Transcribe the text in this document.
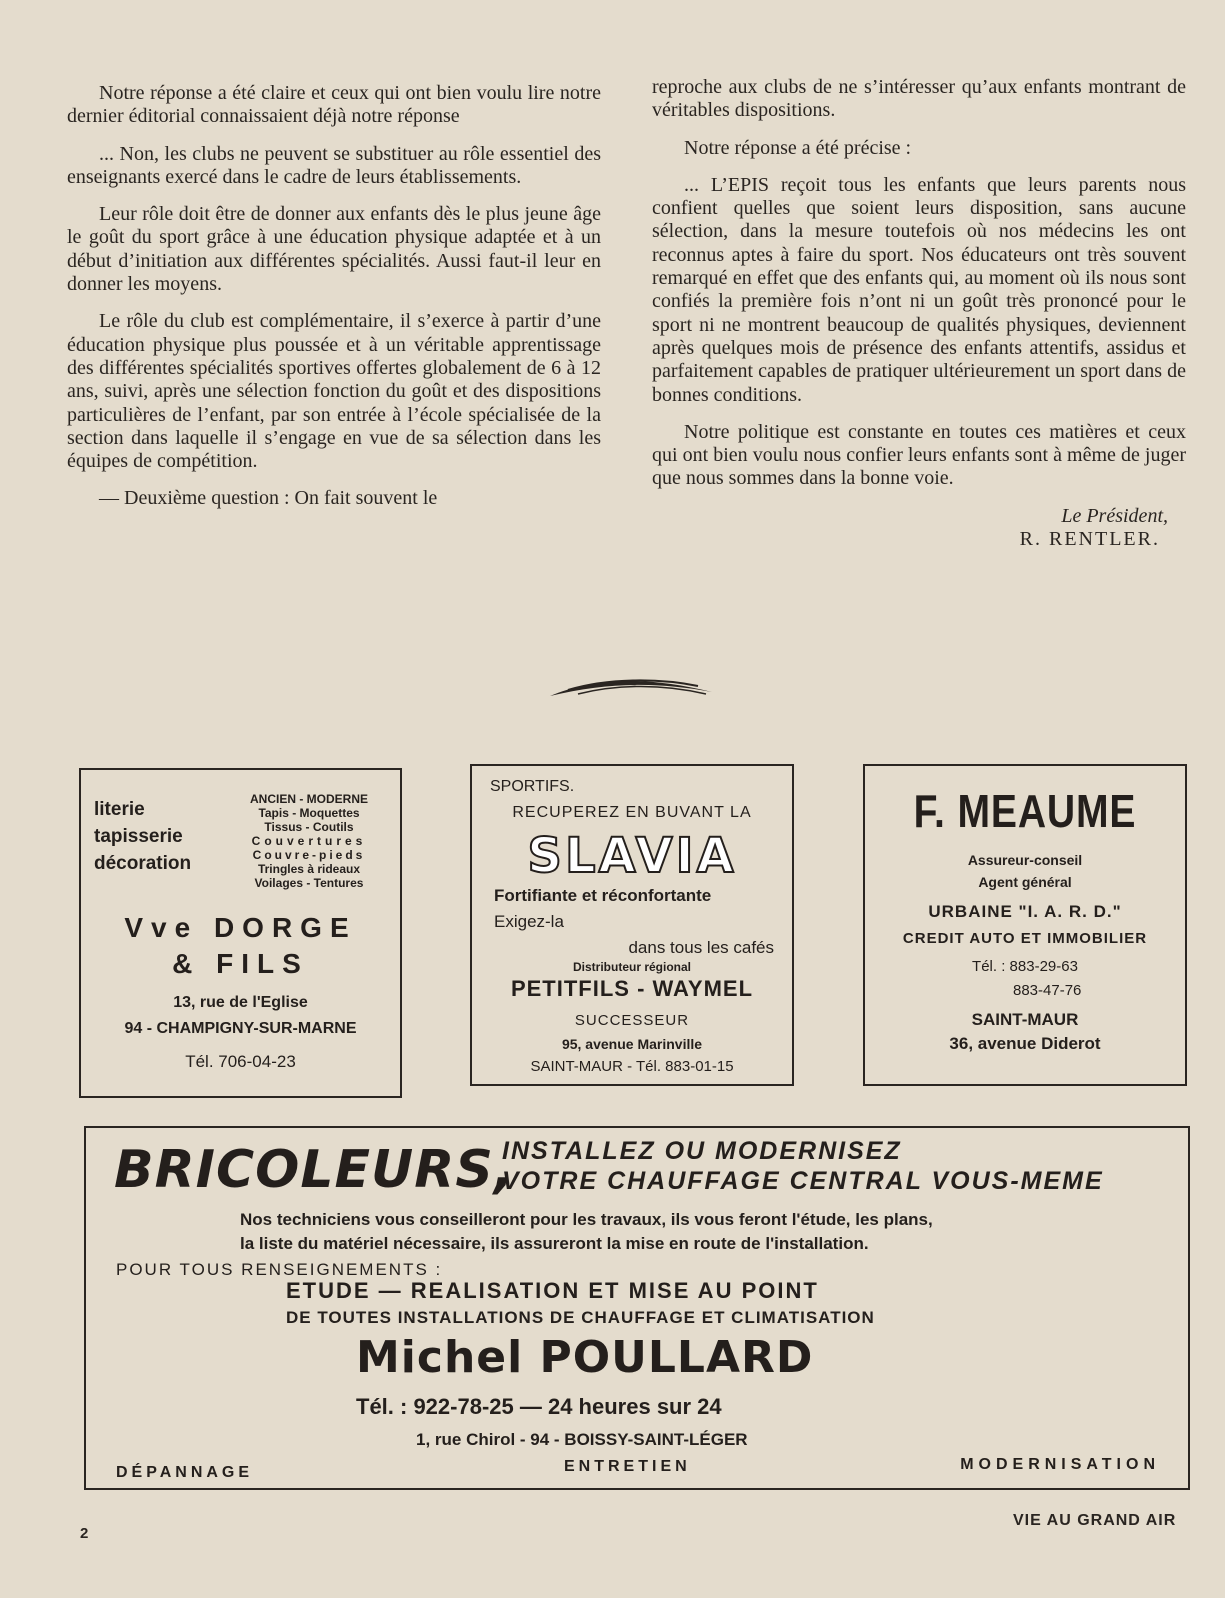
Notre réponse a été claire et ceux qui ont bien voulu lire notre dernier éditorial connaissaient déjà notre réponse

... Non, les clubs ne peuvent se substituer au rôle essentiel des enseignants exercé dans le cadre de leurs établissements.

Leur rôle doit être de donner aux enfants dès le plus jeune âge le goût du sport grâce à une éducation physique adaptée et à un début d’initiation aux différentes spécialités. Aussi faut-il leur en donner les moyens.

Le rôle du club est complémentaire, il s’exerce à partir d’une éducation physique plus poussée et à un véritable apprentissage des différentes spécialités sportives offertes globalement de 6 à 12 ans, suivi, après une sélection fonction du goût et des dispositions particulières de l’enfant, par son entrée à l’école spécialisée de la section dans laquelle il s’engage en vue de sa sélection dans les équipes de compétition.

— Deuxième question : On fait souvent le

reproche aux clubs de ne s’intéresser qu’aux enfants montrant de véritables dispositions.

Notre réponse a été précise :

... L’EPIS reçoit tous les enfants que leurs parents nous confient quelles que soient leurs disposition, sans aucune sélection, dans la mesure toutefois où nos médecins les ont reconnus aptes à faire du sport. Nos éducateurs ont très souvent remarqué en effet que des enfants qui, au moment où ils nous sont confiés la première fois n’ont ni un goût très prononcé pour le sport ni ne montrent beaucoup de qualités physiques, deviennent après quelques mois de présence des enfants attentifs, assidus et parfaitement capables de pratiquer ultérieurement un sport dans de bonnes conditions.

Notre politique est constante en toutes ces matières et ceux qui ont bien voulu nous confier leurs enfants sont à même de juger que nous sommes dans la bonne voie.

Le Président,
R. RENTLER.
literie
tapisserie
décoration
ANCIEN - MODERNE
Tapis - Moquettes
Tissus - Coutils
Couvertures
Couvre-pieds
Tringles à rideaux
Voilages - Tentures
Vve DORGE
& FILS
13, rue de l'Eglise
94 - CHAMPIGNY-SUR-MARNE
Tél. 706-04-23
SPORTIFS.
RECUPEREZ EN BUVANT LA
SLAVIA
Fortifiante et réconfortante
Exigez-la
dans tous les cafés
Distributeur régional
PETITFILS - WAYMEL
SUCCESSEUR
95, avenue Marinville
SAINT-MAUR - Tél. 883-01-15
F. MEAUME
Assureur-conseil
Agent général
URBAINE "I. A. R. D."
CREDIT AUTO ET IMMOBILIER
Tél. : 883-29-63
883-47-76
SAINT-MAUR
36, avenue Diderot
BRICOLEURS,
INSTALLEZ OU MODERNISEZ
VOTRE CHAUFFAGE CENTRAL VOUS-MEME
Nos techniciens vous conseilleront pour les travaux, ils vous feront l'étude, les plans,
la liste du matériel nécessaire, ils assureront la mise en route de l'installation.
POUR TOUS RENSEIGNEMENTS :
ETUDE — REALISATION ET MISE AU POINT
DE TOUTES INSTALLATIONS DE CHAUFFAGE ET CLIMATISATION
Michel POULLARD
Tél. : 922-78-25 — 24 heures sur 24
1, rue Chirol - 94 - BOISSY-SAINT-LÉGER
DÉPANNAGE	ENTRETIEN	MODERNISATION
2
VIE AU GRAND AIR
